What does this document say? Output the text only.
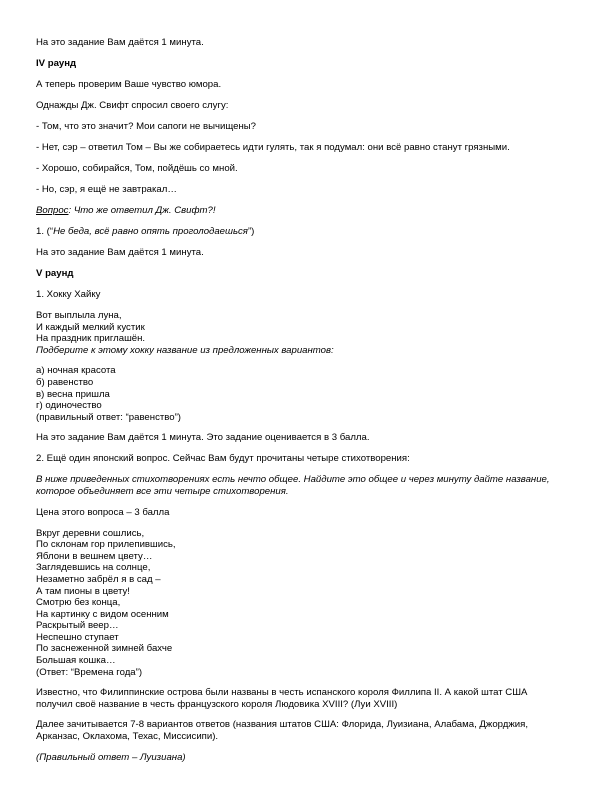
На это задание Вам даётся 1 минута.

IV раунд

А теперь проверим Ваше чувство юмора.

Однажды Дж. Свифт спросил своего слугу:

- Том, что это значит? Мои сапоги не вычищены?

- Нет, сэр – ответил Том – Вы же собираетесь идти гулять, так я подумал: они всё равно станут грязными.

- Хорошо, собирайся, Том, пойдёшь со мной.

- Но, сэр, я ещё не завтракал…

Вопрос: Что же ответил Дж. Свифт?!

1. (“Не беда, всё равно опять проголодаешься”)

На это задание Вам даётся 1 минута.

V раунд

1. Хокку Хайку

Вот выплыла луна,

И каждый мелкий кустик

На праздник приглашён.

Подберите к этому хокку название из предложенных вариантов:

а) ночная красота

б) равенство

в) весна пришла

г) одиночество

(правильный ответ: “равенство”)

На это задание Вам даётся 1 минута. Это задание оценивается в 3 балла.

2. Ещё один японский вопрос. Сейчас Вам будут прочитаны четыре стихотворения:

В ниже приведенных стихотворениях есть нечто общее. Найдите это общее и через минуту дайте название,

которое объединяет все эти четыре стихотворения.

Цена этого вопроса – 3 балла

Вкруг деревни сошлись,

По склонам гор прилепившись,

Яблони в вешнем цвету…

Заглядевшись на солнце,

Незаметно забрёл я в сад –

А там пионы в цвету!

Смотрю без конца,

На картинку с видом осенним

Раскрытый веер…

Неспешно ступает

По заснеженной зимней бахче

Большая кошка…

(Ответ: “Времена года”)

Известно, что Филиппинские острова были названы в честь испанского короля Филлипа II. А какой штат США

получил своё название в честь французского короля Людовика XVIII? (Луи XVIII)

Далее зачитывается 7-8 вариантов ответов (названия штатов США: Флорида, Луизиана, Алабама, Джорджия,

Арканзас, Оклахома, Техас, Миссисипи).

(Правильный ответ – Луизиана)
